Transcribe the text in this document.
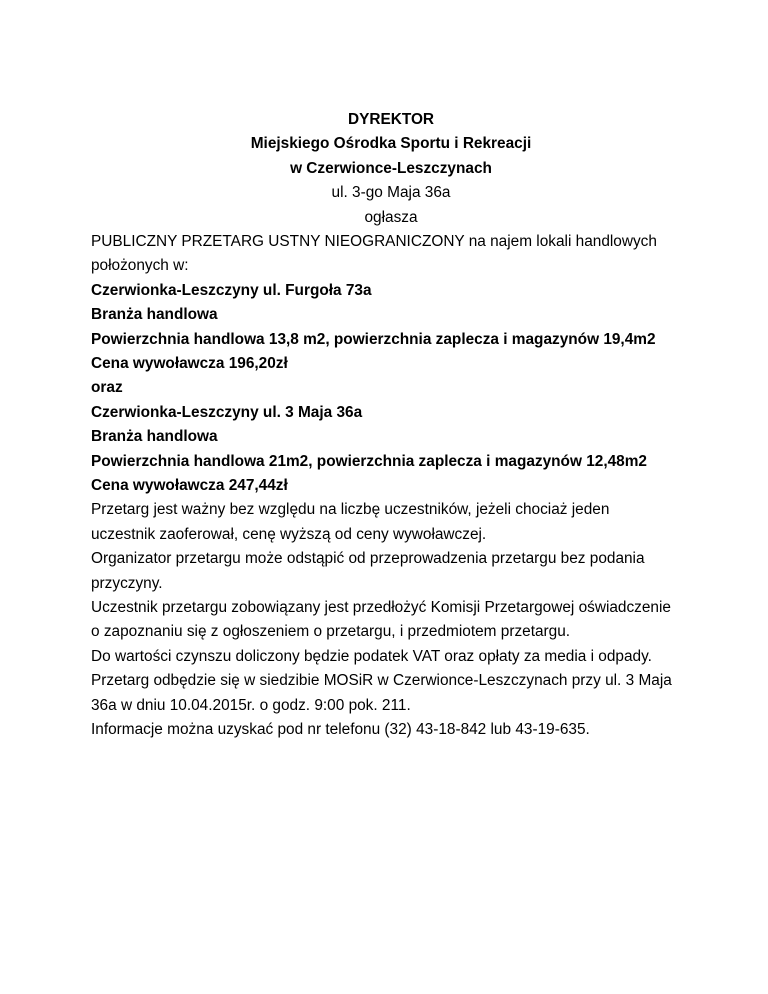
DYREKTOR

Miejskiego Ośrodka Sportu i Rekreacji

w Czerwionce-Leszczynach

ul. 3-go Maja 36a

ogłasza

PUBLICZNY PRZETARG USTNY NIEOGRANICZONY na najem lokali handlowych

położonych w:

Czerwionka-Leszczyny ul. Furgoła 73a

Branża handlowa

Powierzchnia handlowa 13,8 m2, powierzchnia zaplecza i magazynów 19,4m2

Cena wywoławcza 196,20zł

oraz

Czerwionka-Leszczyny ul. 3 Maja 36a

Branża handlowa

Powierzchnia handlowa 21m2, powierzchnia zaplecza i magazynów 12,48m2

Cena wywoławcza 247,44zł

Przetarg jest ważny bez względu na liczbę uczestników, jeżeli chociaż jeden

uczestnik zaoferował, cenę wyższą od ceny wywoławczej.

Organizator przetargu może odstąpić od przeprowadzenia przetargu bez podania

przyczyny.

Uczestnik przetargu zobowiązany jest przedłożyć Komisji Przetargowej oświadczenie

o zapoznaniu się z ogłoszeniem o przetargu, i przedmiotem przetargu.

Do wartości czynszu doliczony będzie podatek VAT oraz opłaty za media i odpady.

Przetarg odbędzie się w siedzibie MOSiR w Czerwionce-Leszczynach przy ul. 3 Maja

36a w dniu 10.04.2015r. o godz. 9:00 pok. 211.

Informacje można uzyskać pod nr telefonu (32) 43-18-842 lub 43-19-635.
